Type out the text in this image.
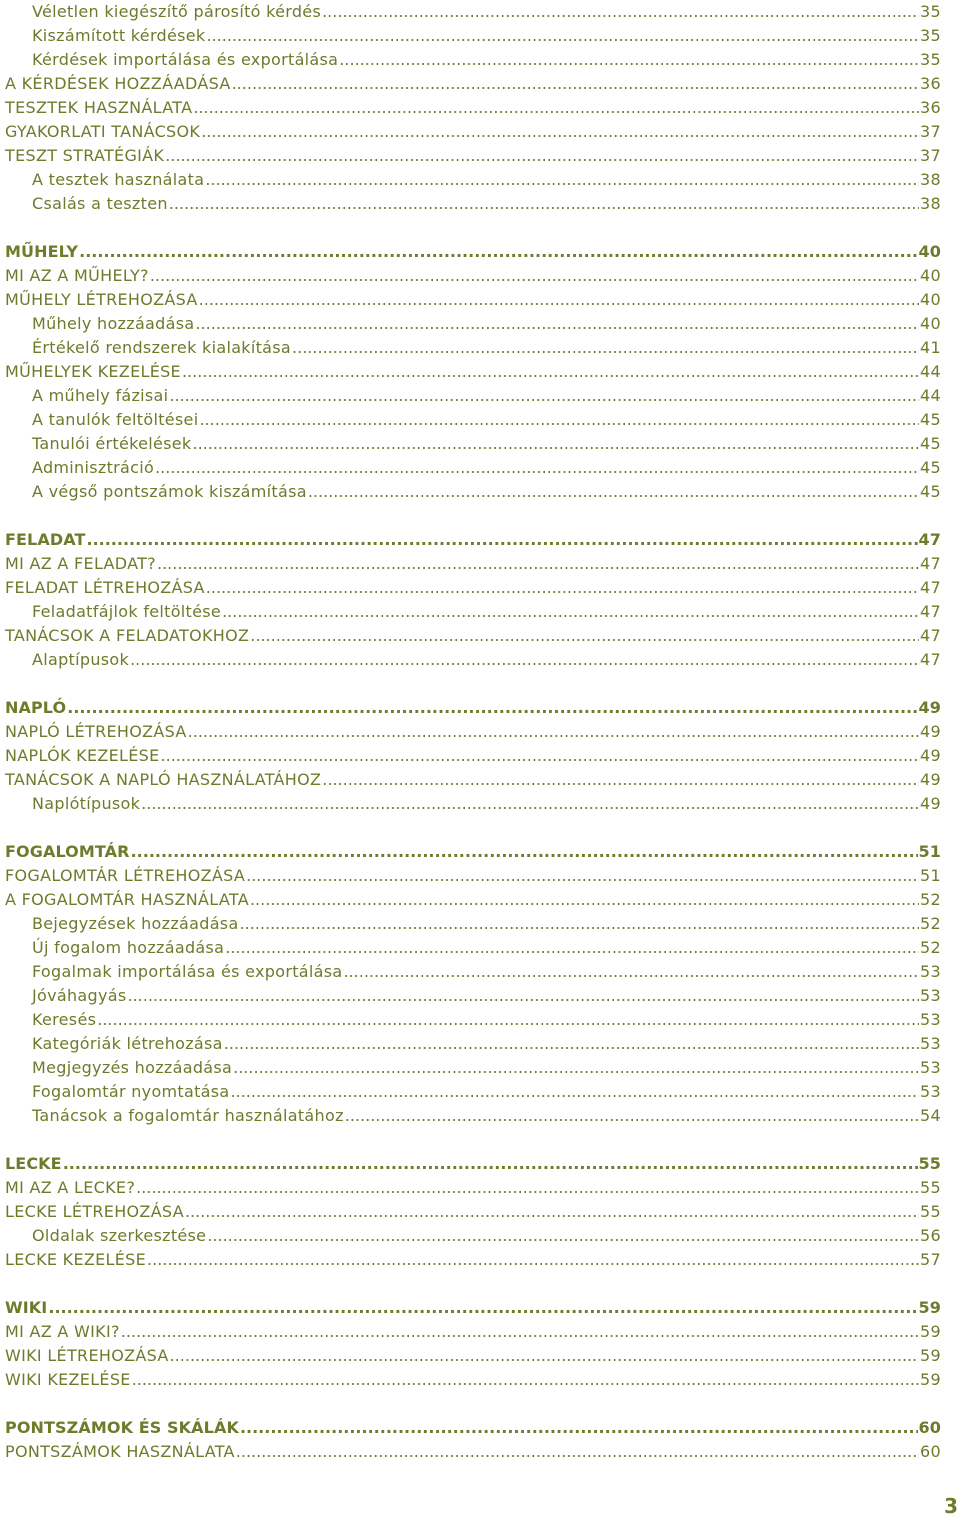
Véletlen kiegészítő párosító kérdés .....	35
Kiszámított kérdések .....	35
Kérdések importálása és exportálása .....	35
A KÉRDÉSEK HOZZÁADÁSA .....	36
TESZTEK HASZNÁLATA .....	36
GYAKORLATI TANÁCSOK .....	37
TESZT STRATÉGIÁK .....	37
A tesztek használata .....	38
Csalás a teszten .....	38
MŰHELY .....	40
MI AZ A MŰHELY? .....	40
MŰHELY LÉTREHOZÁSA .....	40
Műhely hozzáadása .....	40
Értékelő rendszerek kialakítása .....	41
MŰHELYEK KEZELÉSE .....	44
A műhely fázisai .....	44
A tanulók feltöltései .....	45
Tanulói értékelések .....	45
Adminisztráció .....	45
A végső pontszámok kiszámítása .....	45
FELADAT .....	47
MI AZ A FELADAT? .....	47
FELADAT LÉTREHOZÁSA .....	47
Feladatfájlok feltöltése .....	47
TANÁCSOK A FELADATOKHOZ .....	47
Alaptípusok .....	47
NAPLÓ .....	49
NAPLÓ LÉTREHOZÁSA .....	49
NAPLÓK KEZELÉSE .....	49
TANÁCSOK A NAPLÓ HASZNÁLATÁHOZ .....	49
Naplótípusok .....	49
FOGALOMTÁR .....	51
FOGALOMTÁR LÉTREHOZÁSA .....	51
A FOGALOMTÁR HASZNÁLATA .....	52
Bejegyzések hozzáadása .....	52
Új fogalom hozzáadása .....	52
Fogalmak importálása és exportálása .....	53
Jóváhagyás .....	53
Keresés .....	53
Kategóriák létrehozása .....	53
Megjegyzés hozzáadása .....	53
Fogalomtár nyomtatása .....	53
Tanácsok a fogalomtár használatához .....	54
LECKE .....	55
MI AZ A LECKE? .....	55
LECKE LÉTREHOZÁSA .....	55
Oldalak szerkesztése .....	56
LECKE KEZELÉSE .....	57
WIKI .....	59
MI AZ A WIKI? .....	59
WIKI LÉTREHOZÁSA .....	59
WIKI KEZELÉSE .....	59
PONTSZÁMOK ÉS SKÁLÁK .....	60
PONTSZÁMOK HASZNÁLATA .....	60
3
